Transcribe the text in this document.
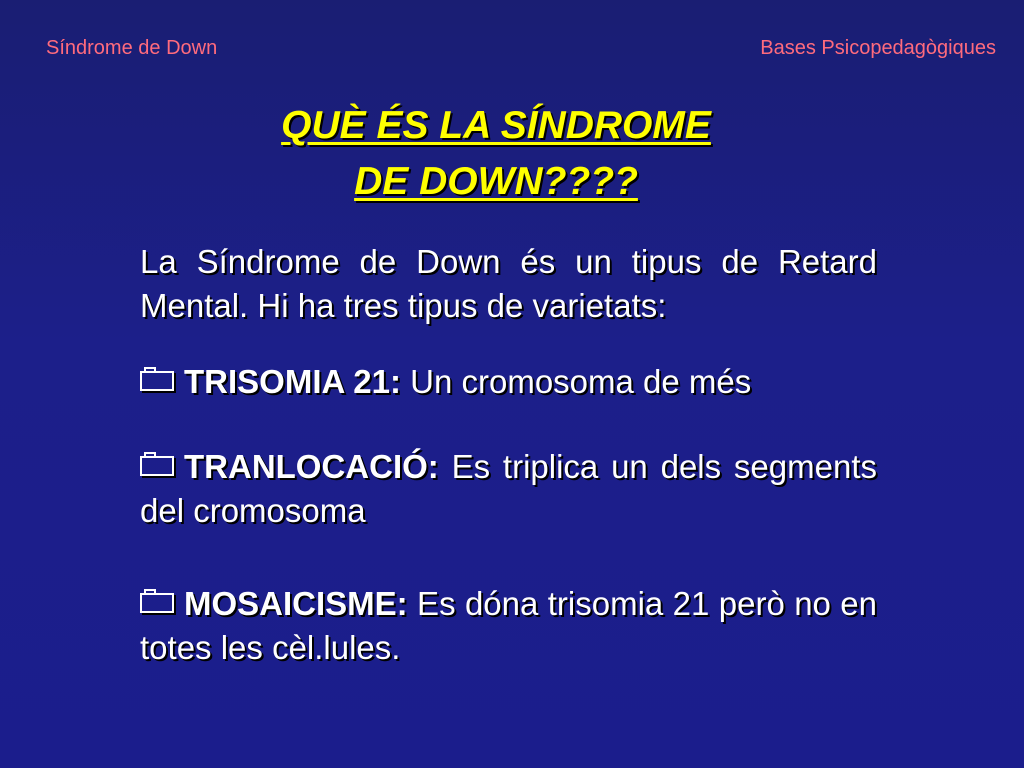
Síndrome de Down	Bases Psicopedagògiques
QUÈ ÉS LA SÍNDROME
DE DOWN????
La Síndrome de Down és un tipus de Retard Mental. Hi ha tres tipus de varietats:
TRISOMIA 21: Un cromosoma de més
TRANLOCACIÓ: Es triplica un dels segments del cromosoma
MOSAICISME: Es dóna trisomia 21 però no en totes les cèl.lules.
